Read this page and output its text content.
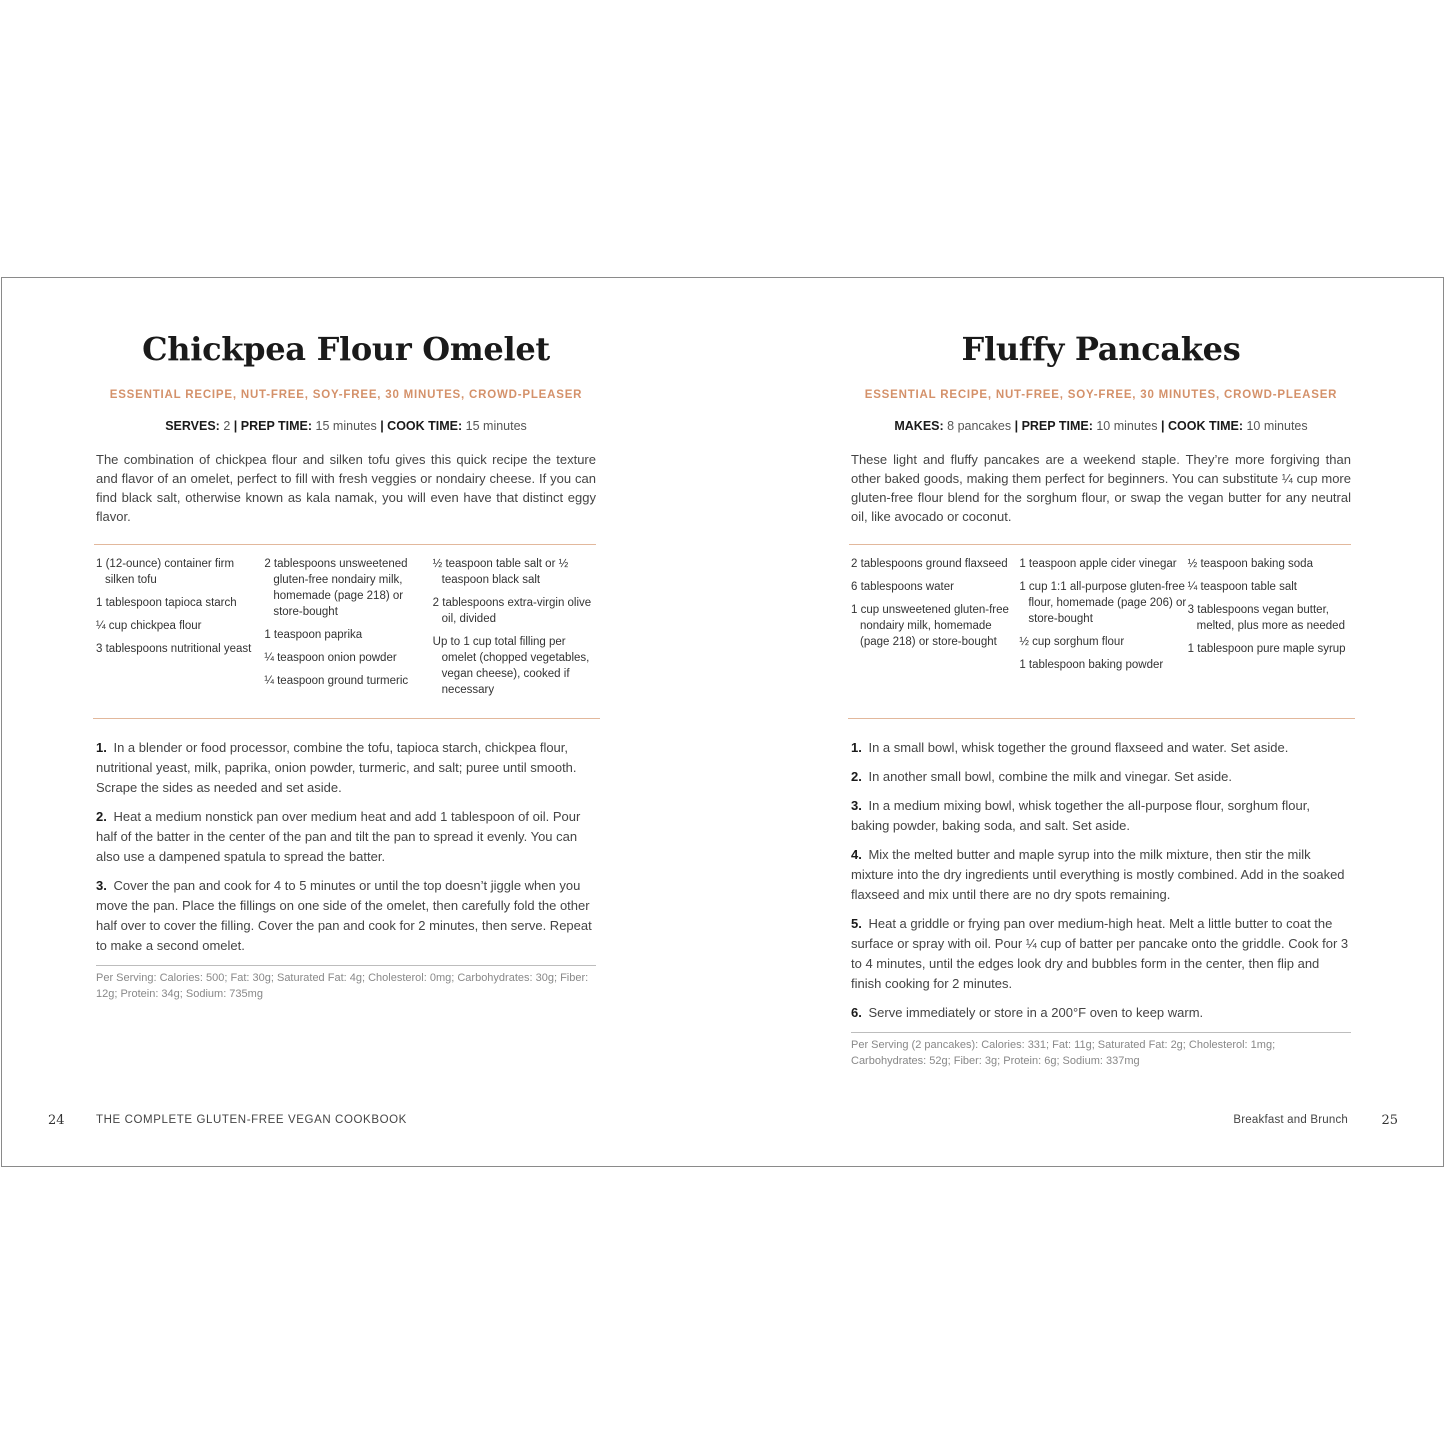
Chickpea Flour Omelet
ESSENTIAL RECIPE, NUT-FREE, SOY-FREE, 30 MINUTES, CROWD-PLEASER
SERVES: 2 | PREP TIME: 15 minutes | COOK TIME: 15 minutes
The combination of chickpea flour and silken tofu gives this quick recipe the texture and flavor of an omelet, perfect to fill with fresh veggies or nondairy cheese. If you can find black salt, otherwise known as kala namak, you will even have that distinct eggy flavor.
1 (12-ounce) container firm silken tofu
1 tablespoon tapioca starch
¼ cup chickpea flour
3 tablespoons nutritional yeast
2 tablespoons unsweetened gluten-free nondairy milk, homemade (page 218) or store-bought
1 teaspoon paprika
¼ teaspoon onion powder
¼ teaspoon ground turmeric
½ teaspoon table salt or ½ teaspoon black salt
2 tablespoons extra-virgin olive oil, divided
Up to 1 cup total filling per omelet (chopped vegetables, vegan cheese), cooked if necessary
1. In a blender or food processor, combine the tofu, tapioca starch, chickpea flour, nutritional yeast, milk, paprika, onion powder, turmeric, and salt; puree until smooth. Scrape the sides as needed and set aside.
2. Heat a medium nonstick pan over medium heat and add 1 tablespoon of oil. Pour half of the batter in the center of the pan and tilt the pan to spread it evenly. You can also use a dampened spatula to spread the batter.
3. Cover the pan and cook for 4 to 5 minutes or until the top doesn’t jiggle when you move the pan. Place the fillings on one side of the omelet, then carefully fold the other half over to cover the filling. Cover the pan and cook for 2 minutes, then serve. Repeat to make a second omelet.
Per Serving: Calories: 500; Fat: 30g; Saturated Fat: 4g; Cholesterol: 0mg; Carbohydrates: 30g; Fiber: 12g; Protein: 34g; Sodium: 735mg
24	THE COMPLETE GLUTEN-FREE VEGAN COOKBOOK
Fluffy Pancakes
ESSENTIAL RECIPE, NUT-FREE, SOY-FREE, 30 MINUTES, CROWD-PLEASER
MAKES: 8 pancakes | PREP TIME: 10 minutes | COOK TIME: 10 minutes
These light and fluffy pancakes are a weekend staple. They’re more forgiving than other baked goods, making them perfect for beginners. You can substitute ¼ cup more gluten-free flour blend for the sorghum flour, or swap the vegan butter for any neutral oil, like avocado or coconut.
2 tablespoons ground flaxseed
6 tablespoons water
1 cup unsweetened gluten-free nondairy milk, homemade (page 218) or store-bought
1 teaspoon apple cider vinegar
1 cup 1:1 all-purpose gluten-free flour, homemade (page 206) or store-bought
½ cup sorghum flour
1 tablespoon baking powder
½ teaspoon baking soda
¼ teaspoon table salt
3 tablespoons vegan butter, melted, plus more as needed
1 tablespoon pure maple syrup
1. In a small bowl, whisk together the ground flaxseed and water. Set aside.
2. In another small bowl, combine the milk and vinegar. Set aside.
3. In a medium mixing bowl, whisk together the all-purpose flour, sorghum flour, baking powder, baking soda, and salt. Set aside.
4. Mix the melted butter and maple syrup into the milk mixture, then stir the milk mixture into the dry ingredients until everything is mostly combined. Add in the soaked flaxseed and mix until there are no dry spots remaining.
5. Heat a griddle or frying pan over medium-high heat. Melt a little butter to coat the surface or spray with oil. Pour ¼ cup of batter per pancake onto the griddle. Cook for 3 to 4 minutes, until the edges look dry and bubbles form in the center, then flip and finish cooking for 2 minutes.
6. Serve immediately or store in a 200°F oven to keep warm.
Per Serving (2 pancakes): Calories: 331; Fat: 11g; Saturated Fat: 2g; Cholesterol: 1mg; Carbohydrates: 52g; Fiber: 3g; Protein: 6g; Sodium: 337mg
Breakfast and Brunch	25
